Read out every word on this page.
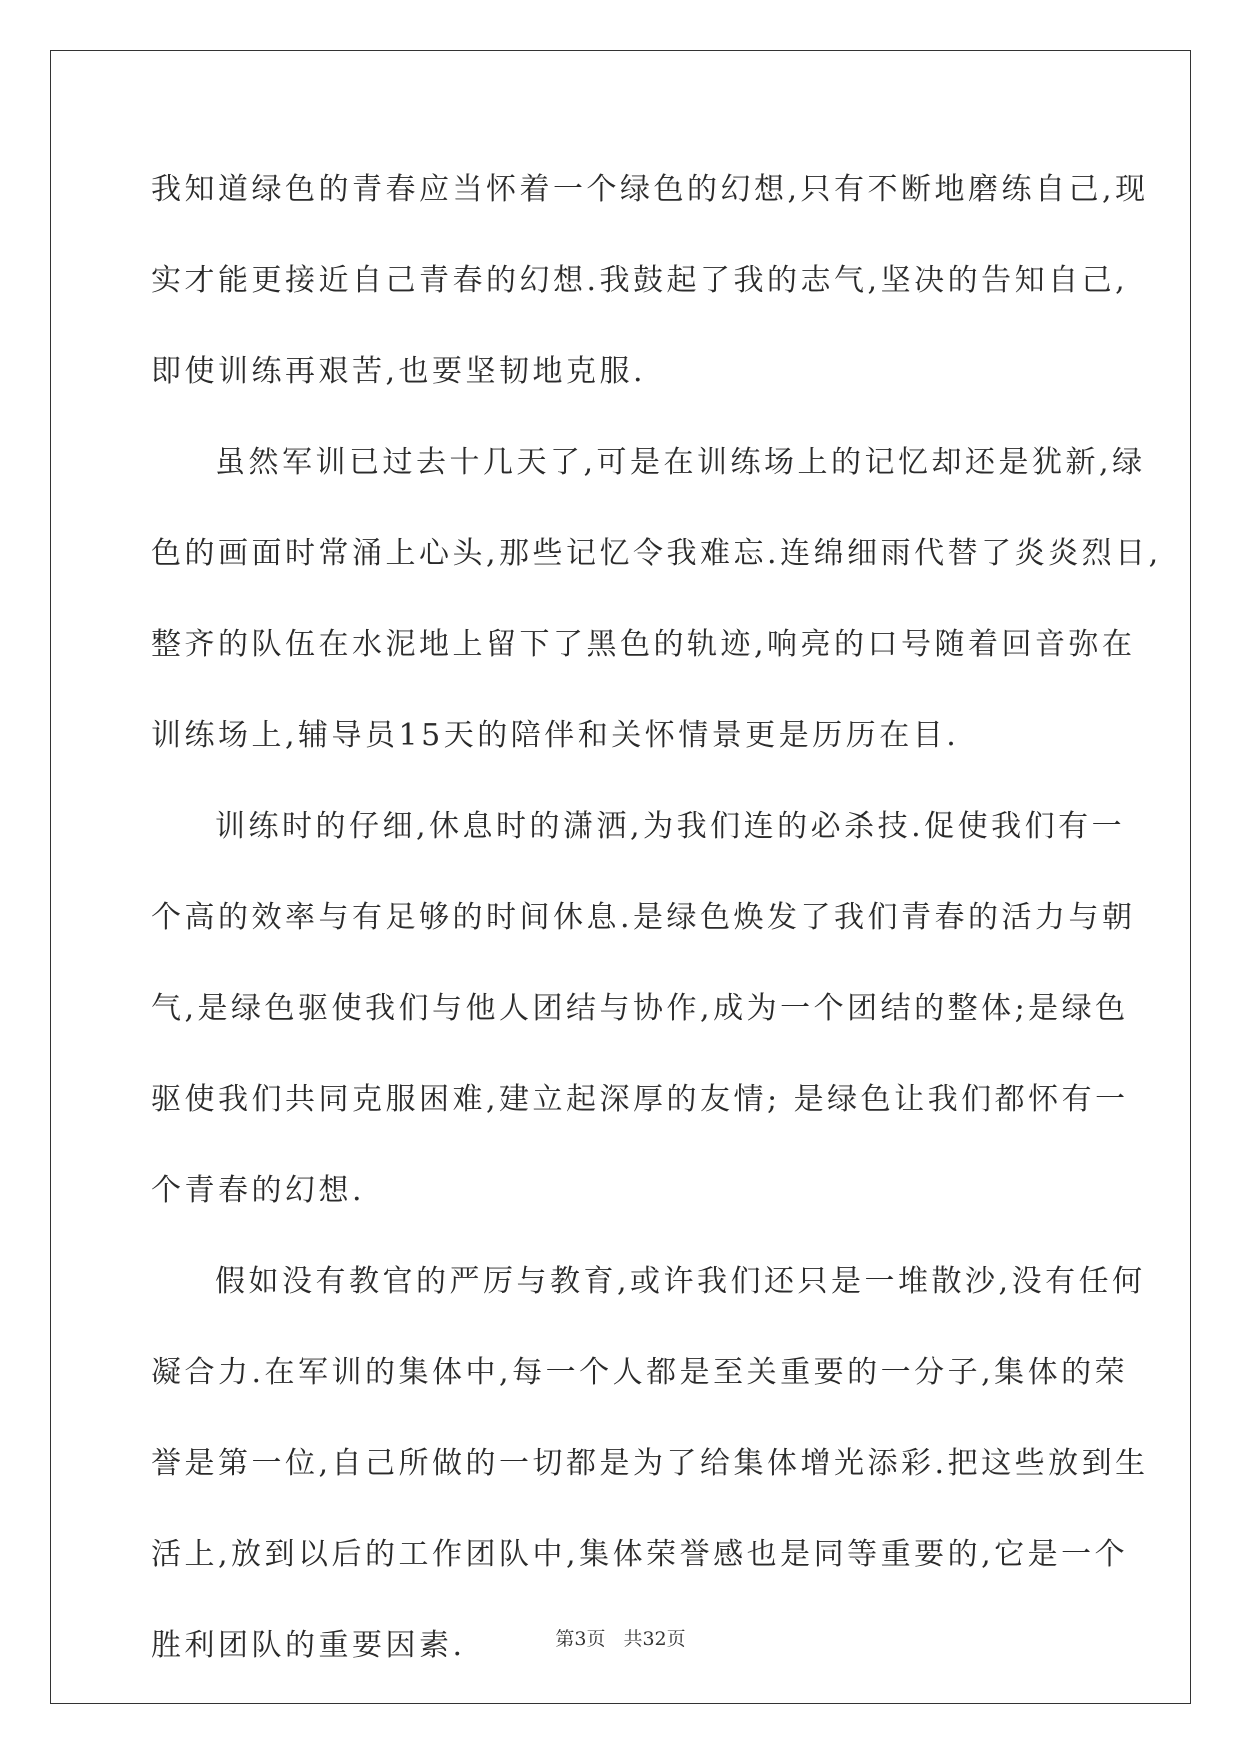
我知道绿色的青春应当怀着一个绿色的幻想,只有不断地磨练自己,现
实才能更接近自己青春的幻想.我鼓起了我的志气,坚决的告知自己,
即使训练再艰苦,也要坚韧地克服.

虽然军训已过去十几天了,可是在训练场上的记忆却还是犹新,绿
色的画面时常涌上心头,那些记忆令我难忘.连绵细雨代替了炎炎烈日,
整齐的队伍在水泥地上留下了黑色的轨迹,响亮的口号随着回音弥在
训练场上,辅导员15天的陪伴和关怀情景更是历历在目.

训练时的仔细,休息时的潇洒,为我们连的必杀技.促使我们有一
个高的效率与有足够的时间休息.是绿色焕发了我们青春的活力与朝
气,是绿色驱使我们与他人团结与协作,成为一个团结的整体;是绿色
驱使我们共同克服困难,建立起深厚的友情; 是绿色让我们都怀有一
个青春的幻想.

假如没有教官的严厉与教育,或许我们还只是一堆散沙,没有任何
凝合力.在军训的集体中,每一个人都是至关重要的一分子,集体的荣
誉是第一位,自己所做的一切都是为了给集体增光添彩.把这些放到生
活上,放到以后的工作团队中,集体荣誉感也是同等重要的,它是一个
胜利团队的重要因素.	第3页 共32页
